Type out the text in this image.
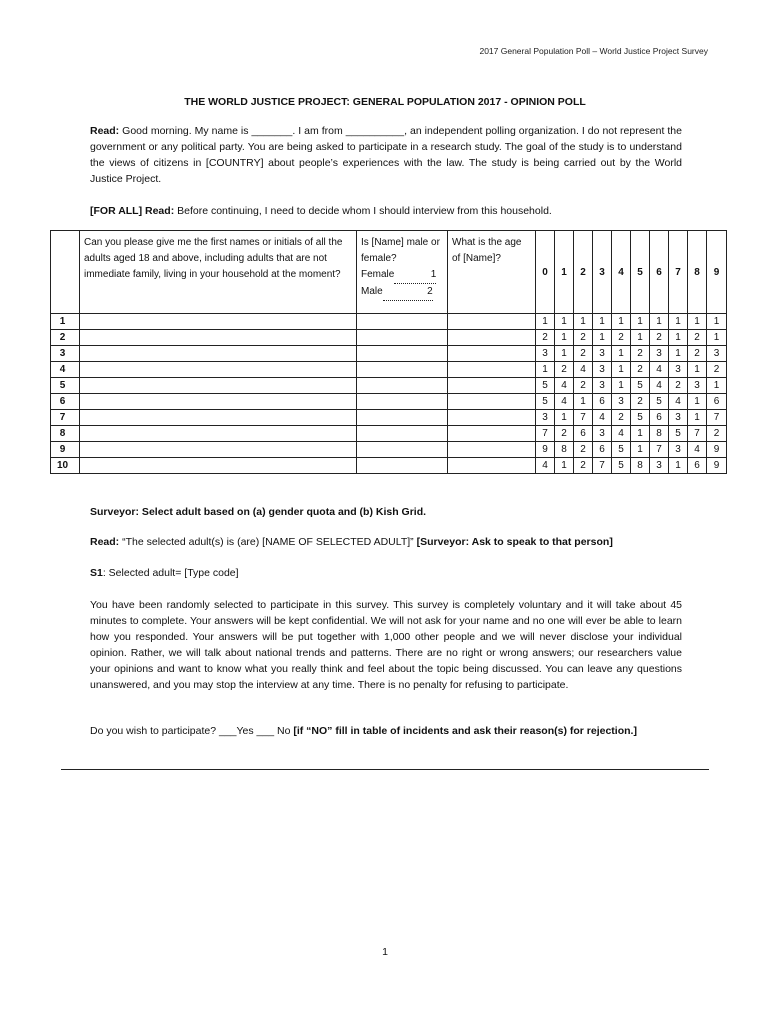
2017 General Population Poll – World Justice Project Survey
THE WORLD JUSTICE PROJECT: GENERAL POPULATION 2017 - OPINION POLL
Read: Good morning. My name is _______. I am from __________, an independent polling organization. I do not represent the government or any political party. You are being asked to participate in a research study. The goal of the study is to understand the views of citizens in [COUNTRY] about people’s experiences with the law. The study is being carried out by the World Justice Project.
[FOR ALL] Read: Before continuing, I need to decide whom I should interview from this household.

	Can you please give me the first names or initials of all the adults aged 18 and above, including adults that are not immediate family, living in your household at the moment?	Is [Name] male or female?
Female 1
Male 2	What is the age of [Name]?	0	1	2	3	4	5	6	7	8	9
1				1	1	1	1	1	1	1	1	1	1
2				2	1	2	1	2	1	2	1	2	1
3				3	1	2	3	1	2	3	1	2	3
4				1	2	4	3	1	2	4	3	1	2
5				5	4	2	3	1	5	4	2	3	1
6				5	4	1	6	3	2	5	4	1	6
7				3	1	7	4	2	5	6	3	1	7
8				7	2	6	3	4	1	8	5	7	2
9				9	8	2	6	5	1	7	3	4	9
10				4	1	2	7	5	8	3	1	6	9
Surveyor: Select adult based on (a) gender quota and (b) Kish Grid.
Read: “The selected adult(s) is (are) [NAME OF SELECTED ADULT]” [Surveyor: Ask to speak to that person]
S1: Selected adult= [Type code]
You have been randomly selected to participate in this survey. This survey is completely voluntary and it will take about 45 minutes to complete. Your answers will be kept confidential. We will not ask for your name and no one will ever be able to learn how you responded. Your answers will be put together with 1,000 other people and we will never disclose your individual opinion. Rather, we will talk about national trends and patterns. There are no right or wrong answers; our researchers value your opinions and want to know what you really think and feel about the topic being discussed. You can leave any questions unanswered, and you may stop the interview at any time. There is no penalty for refusing to participate.
Do you wish to participate? ___Yes ___ No [if “NO” fill in table of incidents and ask their reason(s) for rejection.]
1
